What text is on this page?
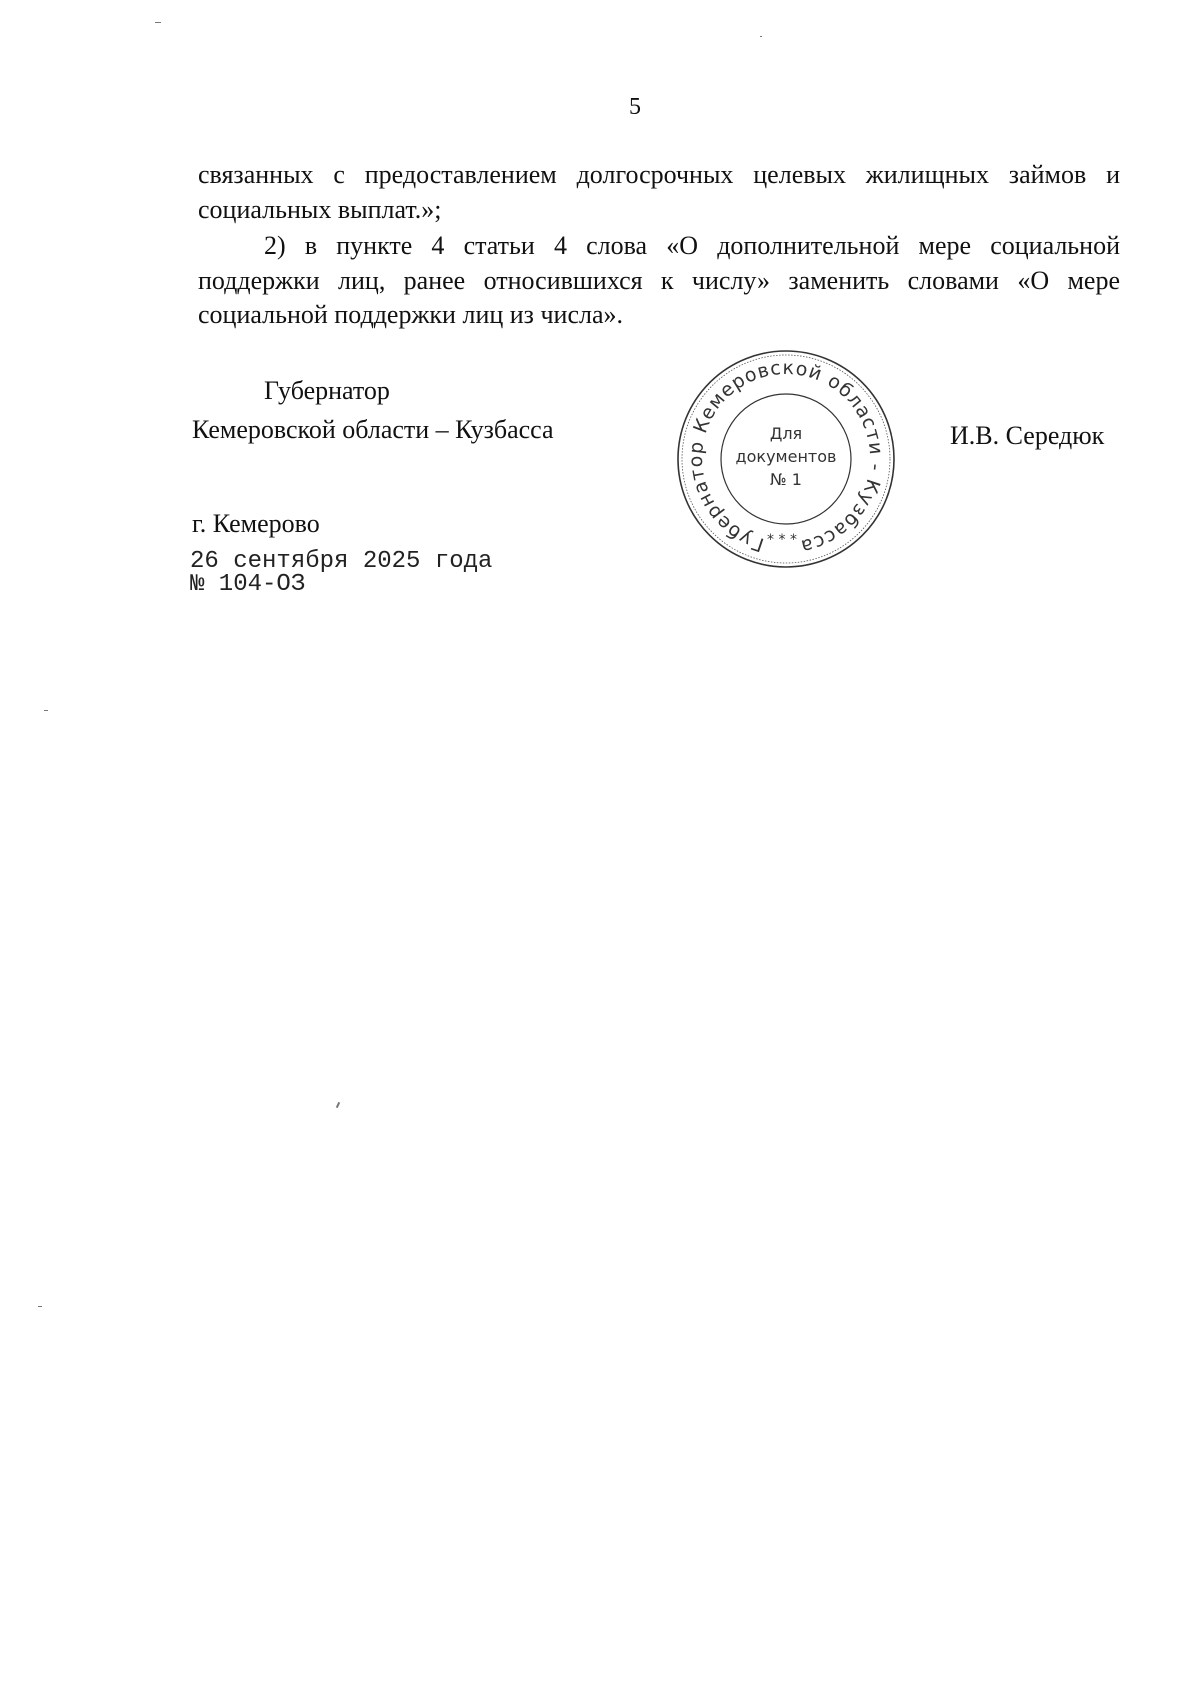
5

связанных с предоставлением долгосрочных целевых жилищных займов и социальных выплат.»;

2) в пункте 4 статьи 4 слова «О дополнительной мере социальной поддержки лиц, ранее относившихся к числу» заменить словами «О мере социальной поддержки лиц из числа».

Губернатор
Кемеровской области – Кузбасса
Губернатор Кемеровской области - Кузбасса
Для
документов
№ 1
* * *
И.В. Середюк
г. Кемерово
26 сентября 2025 года
№ 104-ОЗ
